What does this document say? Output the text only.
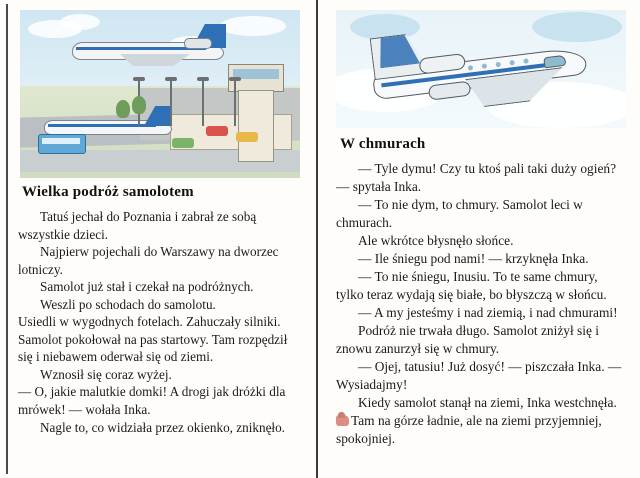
Wielka podróż samolotem

Tatuś jechał do Poznania i zabrał ze sobą wszystkie dzieci.

Najpierw pojechali do Warszawy na dworzec lotniczy.

Samolot już stał i czekał na podróżnych.

Weszli po schodach do samolotu.

Usiedli w wygodnych fotelach. Zahuczały silniki. Samolot pokołował na pas startowy. Tam rozpędził się i niebawem oderwał się od ziemi.

Wznosił się coraz wyżej.

— O, jakie malutkie domki! A drogi jak dróżki dla mrówek! — wołała Inka.

Nagle to, co widziała przez okienko, zniknęło.

W chmurach

— Tyle dymu! Czy tu ktoś pali taki duży ogień? — spytała Inka.

— To nie dym, to chmury. Samolot leci w chmurach.

Ale wkrótce błysnęło słońce.

— Ile śniegu pod nami! — krzyknęła Inka.

— To nie śniegu, Inusiu. To te same chmury, tylko teraz wydają się białe, bo błyszczą w słońcu.

— A my jesteśmy i nad ziemią, i nad chmurami!

Podróż nie trwała długo. Samolot zniżył się i znowu zanurzył się w chmury.

— Ojej, tatusiu! Już dosyć! — piszczała Inka. — Wysiadajmy!

Kiedy samolot stanął na ziemi, Inka westchnęła.

Tam na górze ładnie, ale na ziemi przyjemniej, spokojniej.
